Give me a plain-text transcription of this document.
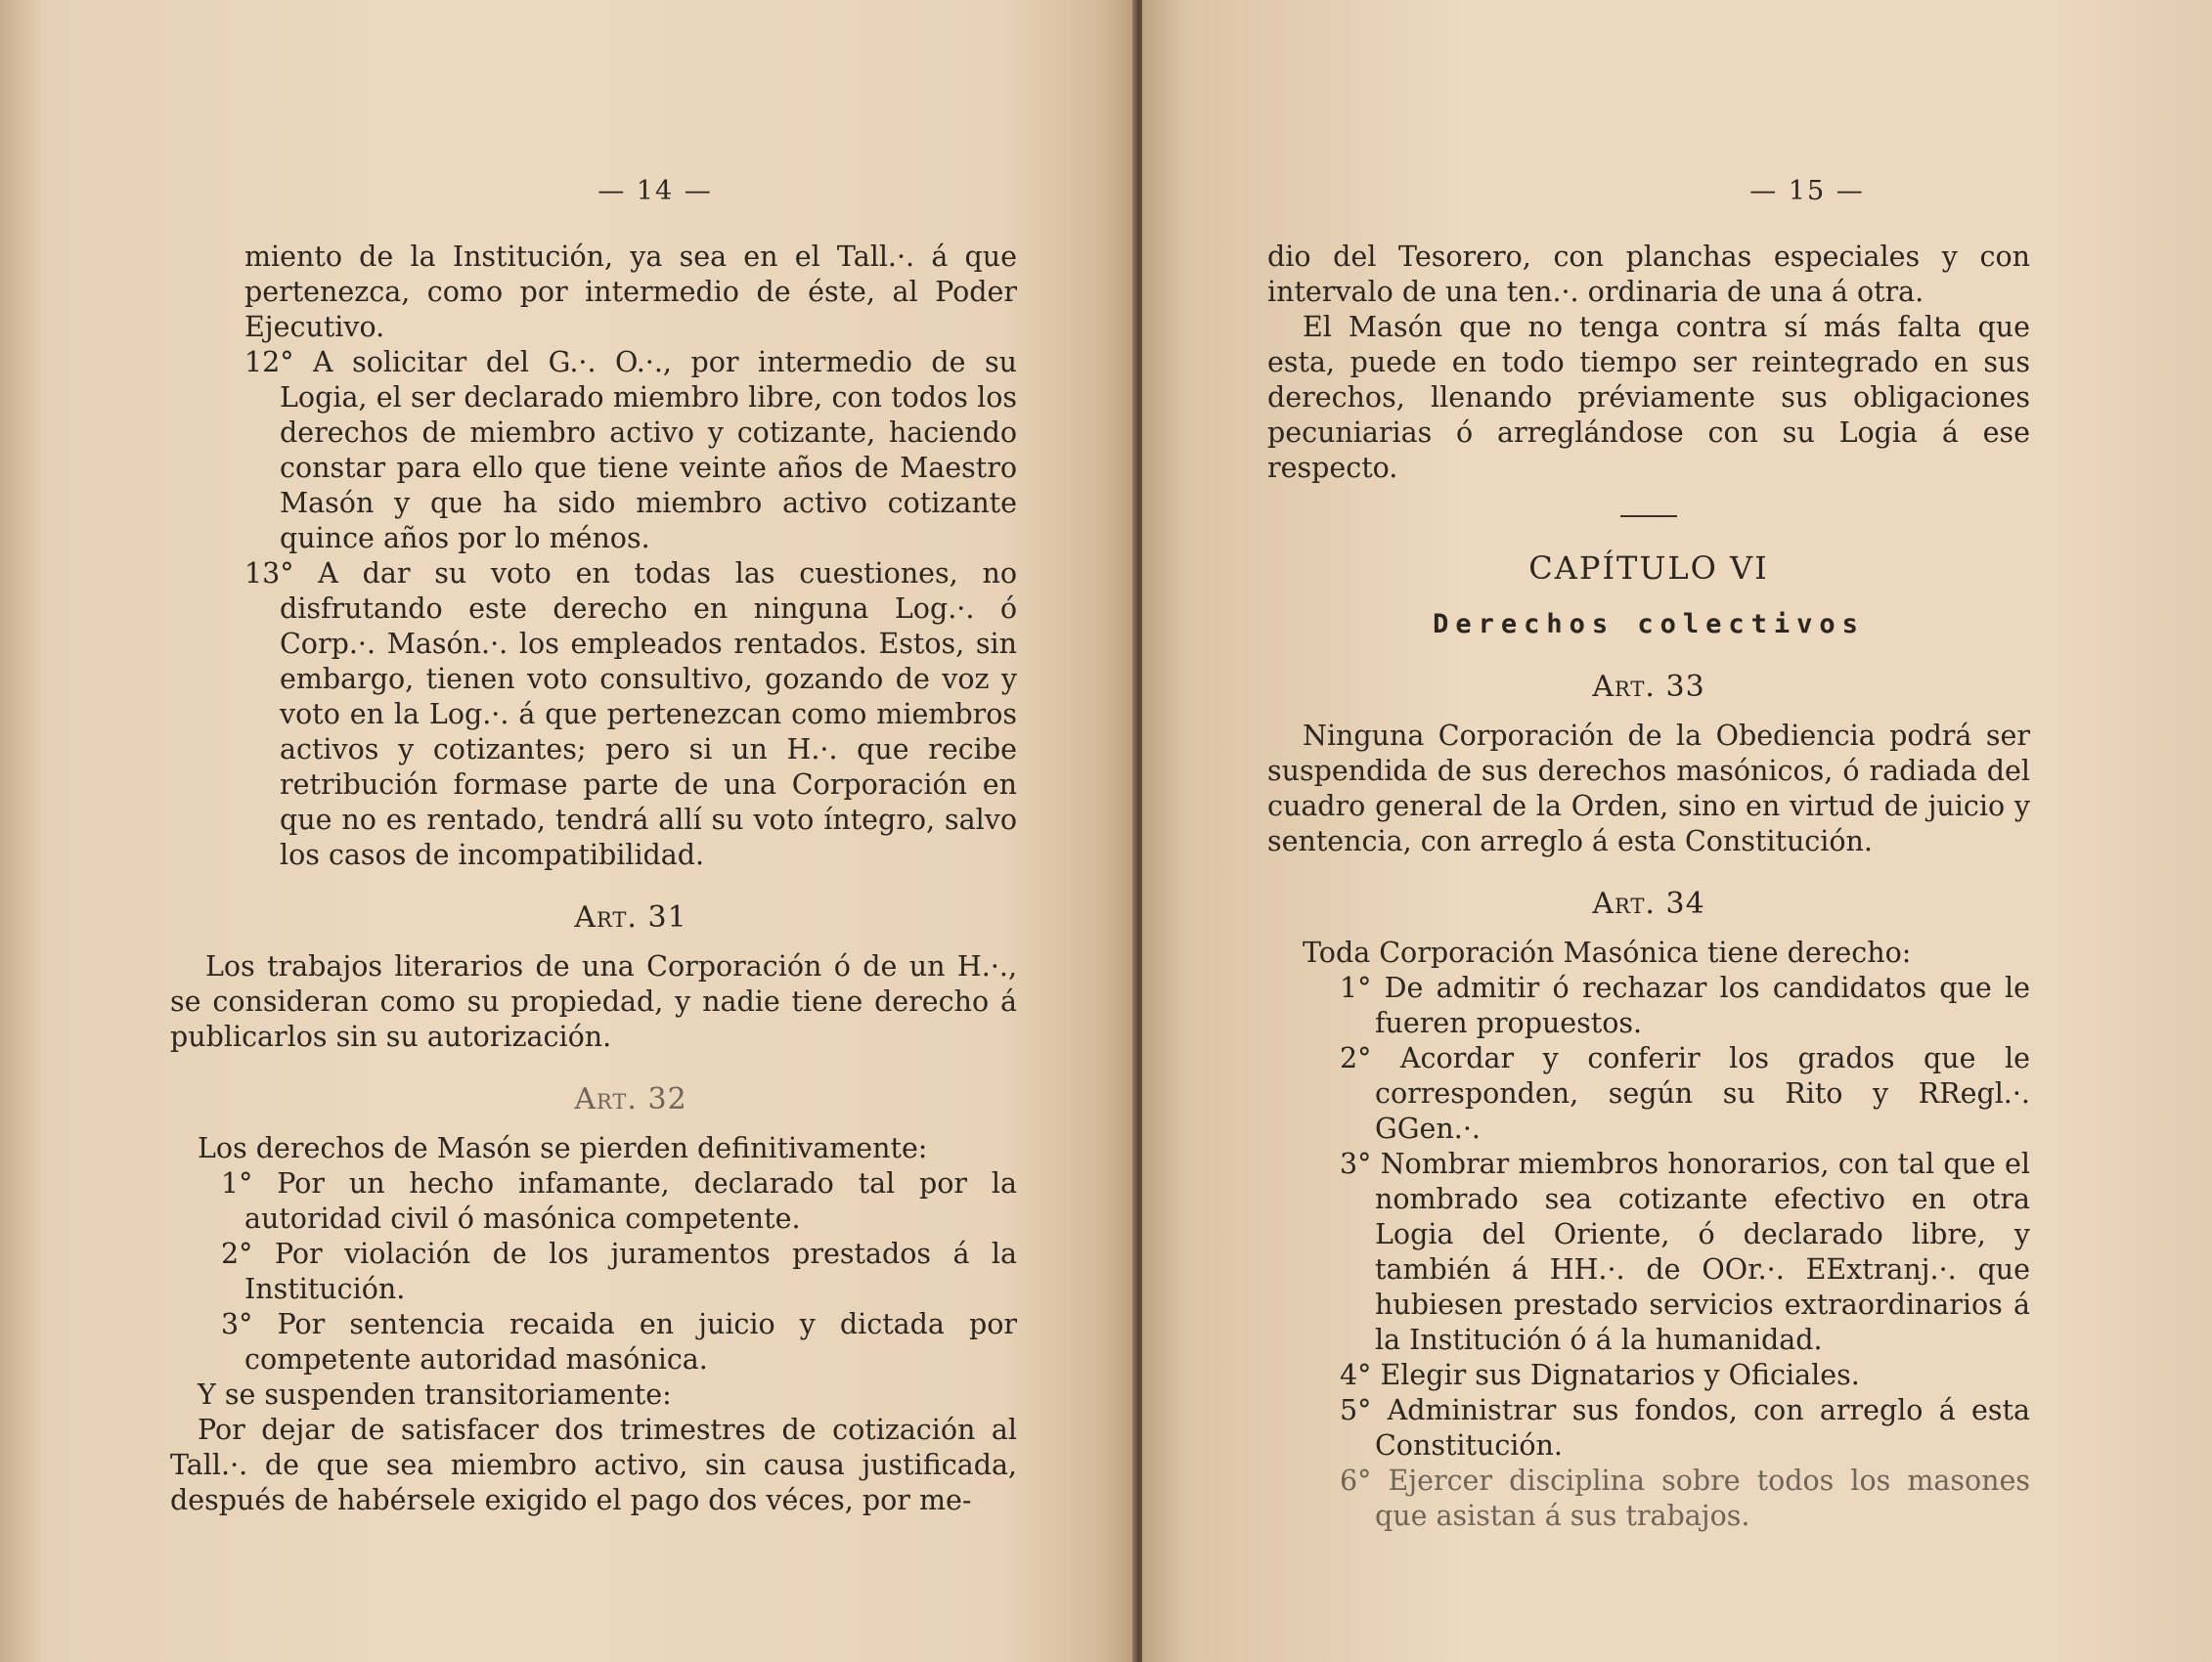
— 14 —

miento de la Institución, ya sea en el Tall.·. á que pertenezca, como por intermedio de éste, al Poder Ejecutivo.

12° A solicitar del G.·. O.·., por intermedio de su Logia, el ser declarado miembro libre, con todos los derechos de miembro activo y cotizante, haciendo constar para ello que tiene veinte años de Maestro Masón y que ha sido miembro activo cotizante quince años por lo ménos.

13° A dar su voto en todas las cuestiones, no disfrutando este derecho en ninguna Log.·. ó Corp.·. Masón.·. los empleados rentados. Estos, sin embargo, tienen voto consultivo, gozando de voz y voto en la Log.·. á que pertenezcan como miembros activos y cotizantes; pero si un H.·. que recibe retribución formase parte de una Corporación en que no es rentado, tendrá allí su voto íntegro, salvo los casos de incompatibilidad.

Art. 31

Los trabajos literarios de una Corporación ó de un H.·., se consideran como su propiedad, y nadie tiene derecho á publicarlos sin su autorización.

Art. 32

Los derechos de Masón se pierden definitivamente:

1° Por un hecho infamante, declarado tal por la autoridad civil ó masónica competente.

2° Por violación de los juramentos prestados á la Institución.

3° Por sentencia recaida en juicio y dictada por competente autoridad masónica.

Y se suspenden transitoriamente:

Por dejar de satisfacer dos trimestres de cotización al Tall.·. de que sea miembro activo, sin causa justificada, después de habérsele exigido el pago dos véces, por me-

— 15 —

dio del Tesorero, con planchas especiales y con intervalo de una ten.·. ordinaria de una á otra.

El Masón que no tenga contra sí más falta que esta, puede en todo tiempo ser reintegrado en sus derechos, llenando préviamente sus obligaciones pecuniarias ó arreglándose con su Logia á ese respecto.

CAPÍTULO VI
Derechos colectivos
Art. 33

Ninguna Corporación de la Obediencia podrá ser suspendida de sus derechos masónicos, ó radiada del cuadro general de la Orden, sino en virtud de juicio y sentencia, con arreglo á esta Constitución.

Art. 34

Toda Corporación Masónica tiene derecho:

1° De admitir ó rechazar los candidatos que le fueren propuestos.

2° Acordar y conferir los grados que le corresponden, según su Rito y RRegl.·. GGen.·.

3° Nombrar miembros honorarios, con tal que el nombrado sea cotizante efectivo en otra Logia del Oriente, ó declarado libre, y también á HH.·. de OOr.·. EExtranj.·. que hubiesen prestado servicios extraordinarios á la Institución ó á la humanidad.

4° Elegir sus Dignatarios y Oficiales.

5° Administrar sus fondos, con arreglo á esta Constitución.

6° Ejercer disciplina sobre todos los masones que asistan á sus trabajos.
